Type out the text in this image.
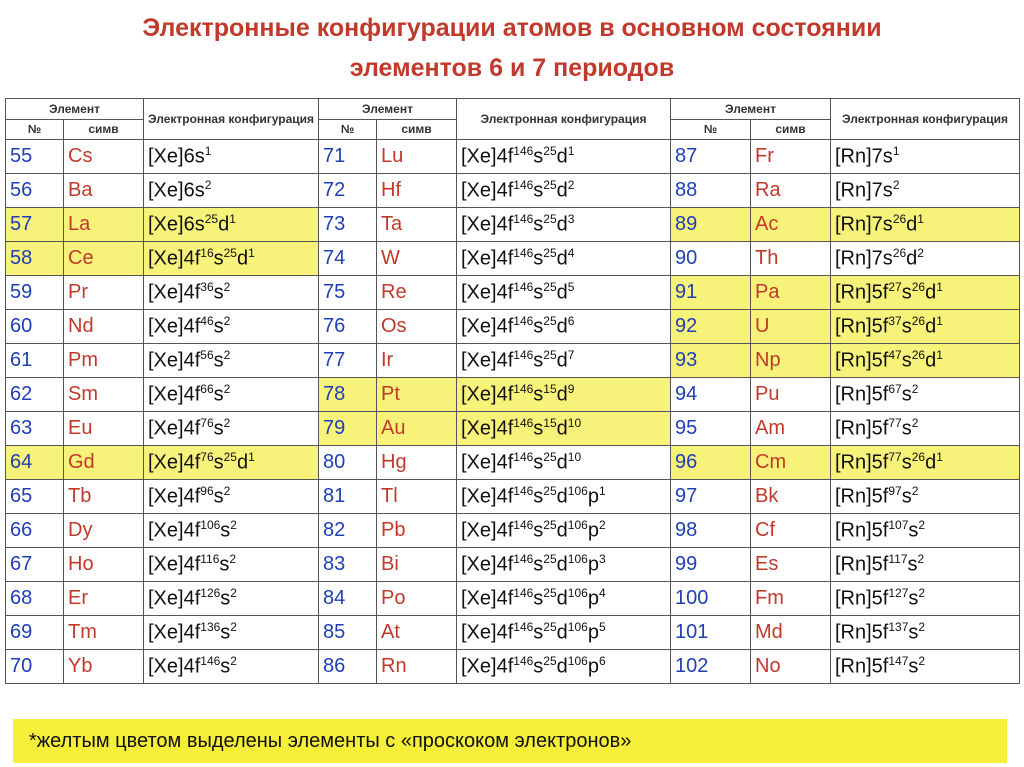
Электронные конфигурации атомов в основном состоянии
элементов 6 и 7 периодов
Элемент		Электронная конфигурация	Элемент		Электронная конфигурация	Элемент		Электронная конфигурация
№	симв		№	симв		№	симв	
55	Cs	$[Xe]6s^1$	71	Lu	$[Xe]4f^{146}s^{25}d^1$	87	Fr	$[Rn]7s^1$
56	Ba	$[Xe]6s^2$	72	Hf	$[Xe]4f^{146}s^{25}d^2$	88	Ra	$[Rn]7s^2$
57	La	$[Xe]6s^{25}d^1$	73	Ta	$[Xe]4f^{146}s^{25}d^3$	89	Ac	$[Rn]7s^{26}d^1$
58	Ce	$[Xe]4f^{16}s^{25}d^1$	74	W	$[Xe]4f^{146}s^{25}d^4$	90	Th	$[Rn]7s^{26}d^2$
59	Pr	$[Xe]4f^{36}s^2$	75	Re	$[Xe]4f^{146}s^{25}d^5$	91	Pa	$[Rn]5f^{27}s^{26}d^1$
60	Nd	$[Xe]4f^{46}s^2$	76	Os	$[Xe]4f^{146}s^{25}d^6$	92	U	$[Rn]5f^{37}s^{26}d^1$
61	Pm	$[Xe]4f^{56}s^2$	77	Ir	$[Xe]4f^{146}s^{25}d^7$	93	Np	$[Rn]5f^{47}s^{26}d^1$
62	Sm	$[Xe]4f^{66}s^2$	78	Pt	$[Xe]4f^{146}s^{15}d^9$	94	Pu	$[Rn]5f^{67}s^2$
63	Eu	$[Xe]4f^{76}s^2$	79	Au	$[Xe]4f^{146}s^{15}d^{10}$	95	Am	$[Rn]5f^{77}s^2$
64	Gd	$[Xe]4f^{76}s^{25}d^1$	80	Hg	$[Xe]4f^{146}s^{25}d^{10}$	96	Cm	$[Rn]5f^{77}s^{26}d^1$
65	Tb	$[Xe]4f^{96}s^2$	81	Tl	$[Xe]4f^{146}s^{25}d^{106}p^1$	97	Bk	$[Rn]5f^{97}s^2$
66	Dy	$[Xe]4f^{106}s^2$	82	Pb	$[Xe]4f^{146}s^{25}d^{106}p^2$	98	Cf	$[Rn]5f^{107}s^2$
67	Ho	$[Xe]4f^{116}s^2$	83	Bi	$[Xe]4f^{146}s^{25}d^{106}p^3$	99	Es	$[Rn]5f^{117}s^2$
68	Er	$[Xe]4f^{126}s^2$	84	Po	$[Xe]4f^{146}s^{25}d^{106}p^4$	100	Fm	$[Rn]5f^{127}s^2$
69	Tm	$[Xe]4f^{136}s^2$	85	At	$[Xe]4f^{146}s^{25}d^{106}p^5$	101	Md	$[Rn]5f^{137}s^2$
70	Yb	$[Xe]4f^{146}s^2$	86	Rn	$[Xe]4f^{146}s^{25}d^{106}p^6$	102	No	$[Rn]5f^{147}s^2$
*желтым цветом выделены элементы с «проскоком электронов»
